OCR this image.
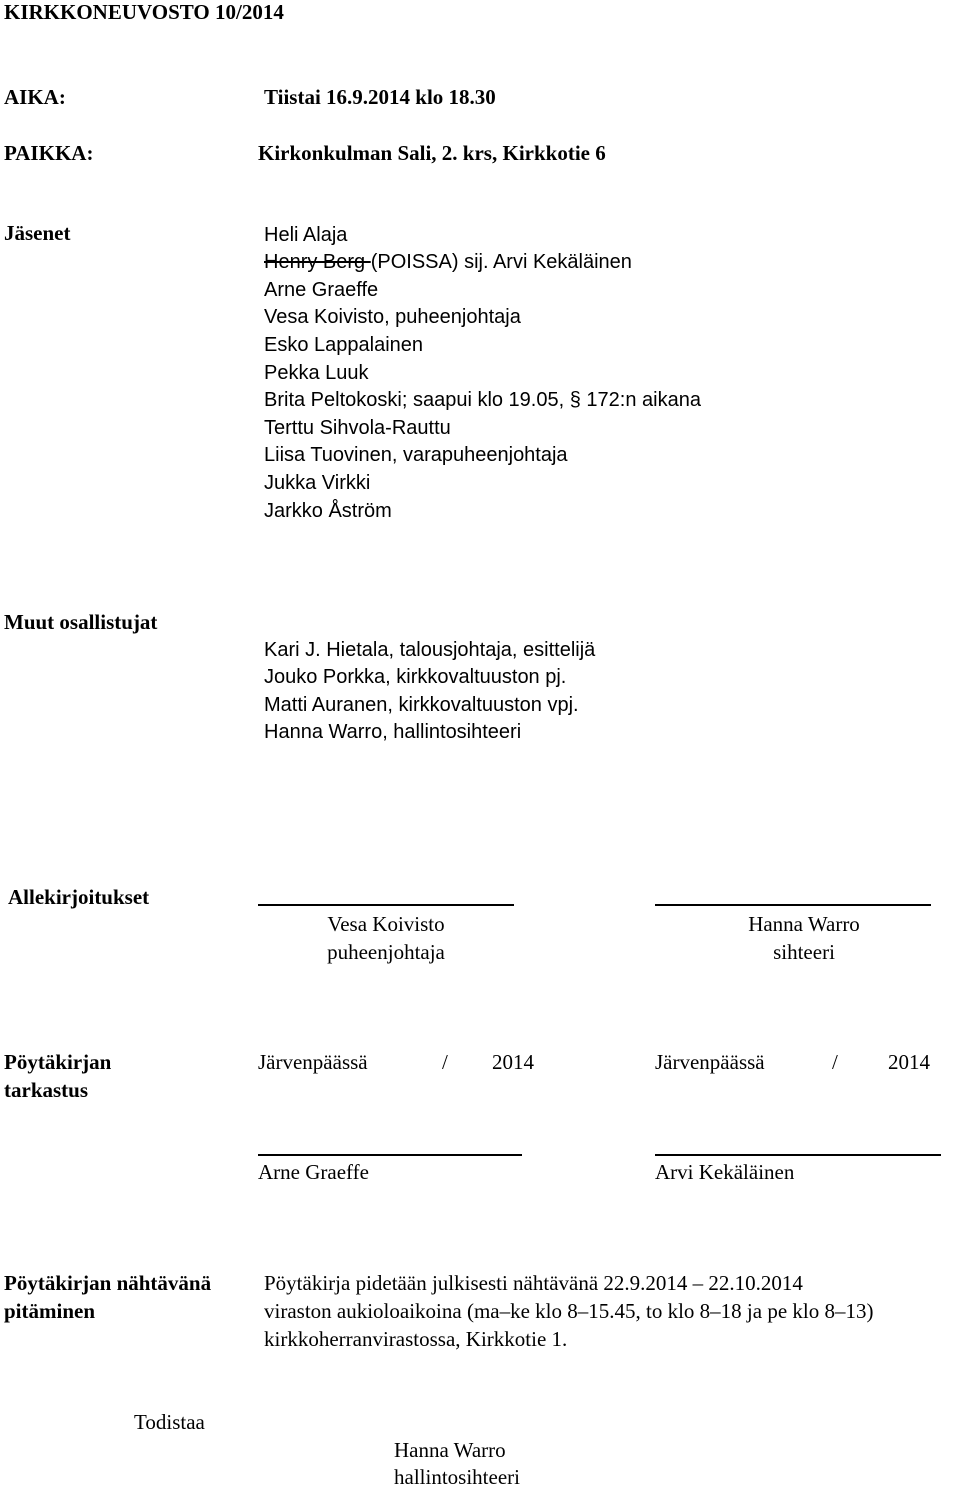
KIRKKONEUVOSTO 10/2014
AIKA:	Tiistai 16.9.2014 klo 18.30
PAIKKA:	Kirkonkulman Sali, 2. krs, Kirkkotie 6
Jäsenet	Heli Alaja
Henry Berg (POISSA) sij. Arvi Kekäläinen
Arne Graeffe
Vesa Koivisto, puheenjohtaja
Esko Lappalainen
Pekka Luuk
Brita Peltokoski; saapui klo 19.05, § 172:n aikana
Terttu Sihvola-Rauttu
Liisa Tuovinen, varapuheenjohtaja
Jukka Virkki
Jarkko Åström
Muut osallistujat
Kari J. Hietala, talousjohtaja, esittelijä
Jouko Porkka, kirkkovaltuuston pj.
Matti Auranen, kirkkovaltuuston vpj.
Hanna Warro, hallintosihteeri
Allekirjoitukset
Vesa Koivisto
puheenjohtaja
Hanna Warro
sihteeri
Pöytäkirjan
tarkastus
Järvenpäässä	/ 2014	Järvenpäässä	/ 2014
Arne Graeffe	Arvi Kekäläinen
Pöytäkirjan nähtävänä
pitäminen
Pöytäkirja pidetään julkisesti nähtävänä 22.9.2014 – 22.10.2014
viraston aukioloaikoina (ma–ke klo 8–15.45, to klo 8–18 ja pe klo 8–13)
kirkkoherranvirastossa, Kirkkotie 1.
Todistaa
Hanna Warro
hallintosihteeri
